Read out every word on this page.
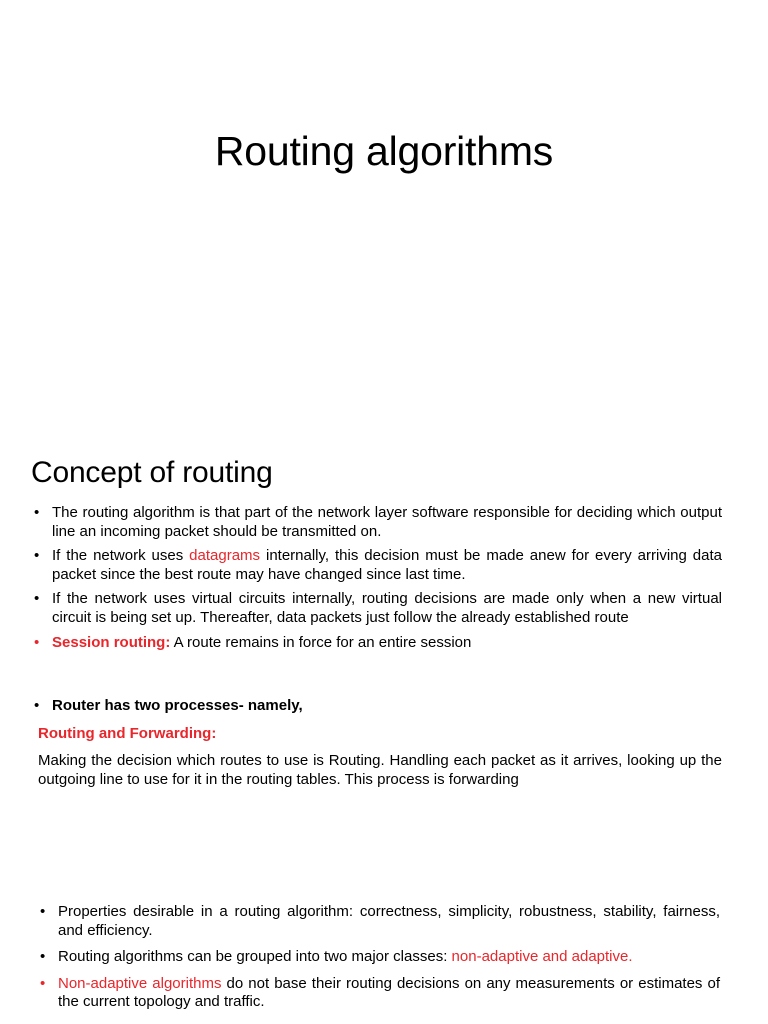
Routing algorithms
Concept of routing
• The routing algorithm is that part of the network layer software responsible for deciding which output line an incoming packet should be transmitted on.
• If the network uses datagrams internally, this decision must be made anew for every arriving data packet since the best route may have changed since last time.
• If the network uses virtual circuits internally, routing decisions are made only when a new virtual circuit is being set up. Thereafter, data packets just follow the already established route
• Session routing: A route remains in force for an entire session
• Router has two processes- namely,
Routing and Forwarding:
Making the decision which routes to use is Routing. Handling each packet as it arrives, looking up the outgoing line to use for it in the routing tables. This process is forwarding
• Properties desirable in a routing algorithm: correctness, simplicity, robustness, stability, fairness, and efficiency.
• Routing algorithms can be grouped into two major classes: non-adaptive and adaptive.
• Non-adaptive algorithms do not base their routing decisions on any measurements or estimates of the current topology and traffic.
